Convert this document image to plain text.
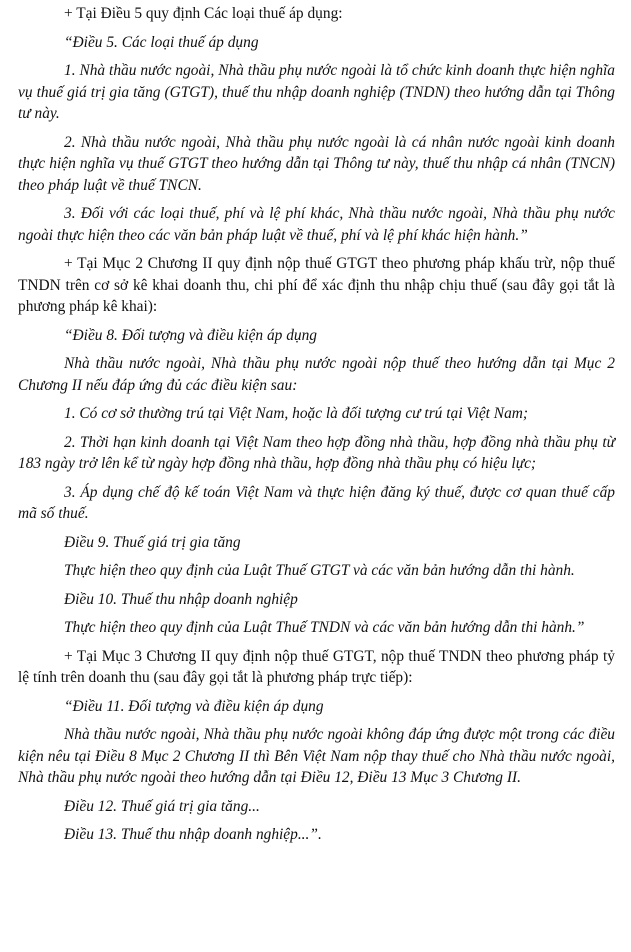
+ Tại Điều 5 quy định Các loại thuế áp dụng:

“Điều 5. Các loại thuế áp dụng

1. Nhà thầu nước ngoài, Nhà thầu phụ nước ngoài là tổ chức kinh doanh thực hiện nghĩa vụ thuế giá trị gia tăng (GTGT), thuế thu nhập doanh nghiệp (TNDN) theo hướng dẫn tại Thông tư này.

2. Nhà thầu nước ngoài, Nhà thầu phụ nước ngoài là cá nhân nước ngoài kinh doanh thực hiện nghĩa vụ thuế GTGT theo hướng dẫn tại Thông tư này, thuế thu nhập cá nhân (TNCN) theo pháp luật về thuế TNCN.

3. Đối với các loại thuế, phí và lệ phí khác, Nhà thầu nước ngoài, Nhà thầu phụ nước ngoài thực hiện theo các văn bản pháp luật về thuế, phí và lệ phí khác hiện hành.”

+ Tại Mục 2 Chương II quy định nộp thuế GTGT theo phương pháp khấu trừ, nộp thuế TNDN trên cơ sở kê khai doanh thu, chi phí để xác định thu nhập chịu thuế (sau đây gọi tắt là phương pháp kê khai):

“Điều 8. Đối tượng và điều kiện áp dụng

Nhà thầu nước ngoài, Nhà thầu phụ nước ngoài nộp thuế theo hướng dẫn tại Mục 2 Chương II nếu đáp ứng đủ các điều kiện sau:

1. Có cơ sở thường trú tại Việt Nam, hoặc là đối tượng cư trú tại Việt Nam;

2. Thời hạn kinh doanh tại Việt Nam theo hợp đồng nhà thầu, hợp đồng nhà thầu phụ từ 183 ngày trở lên kể từ ngày hợp đồng nhà thầu, hợp đồng nhà thầu phụ có hiệu lực;

3. Áp dụng chế độ kế toán Việt Nam và thực hiện đăng ký thuế, được cơ quan thuế cấp mã số thuế.

Điều 9. Thuế giá trị gia tăng

Thực hiện theo quy định của Luật Thuế GTGT và các văn bản hướng dẫn thi hành.

Điều 10. Thuế thu nhập doanh nghiệp

Thực hiện theo quy định của Luật Thuế TNDN và các văn bản hướng dẫn thi hành.”

+ Tại Mục 3 Chương II quy định nộp thuế GTGT, nộp thuế TNDN theo phương pháp tỷ lệ tính trên doanh thu (sau đây gọi tắt là phương pháp trực tiếp):

“Điều 11. Đối tượng và điều kiện áp dụng

Nhà thầu nước ngoài, Nhà thầu phụ nước ngoài không đáp ứng được một trong các điều kiện nêu tại Điều 8 Mục 2 Chương II thì Bên Việt Nam nộp thay thuế cho Nhà thầu nước ngoài, Nhà thầu phụ nước ngoài theo hướng dẫn tại Điều 12, Điều 13 Mục 3 Chương II.

Điều 12. Thuế giá trị gia tăng...

Điều 13. Thuế thu nhập doanh nghiệp...”.
